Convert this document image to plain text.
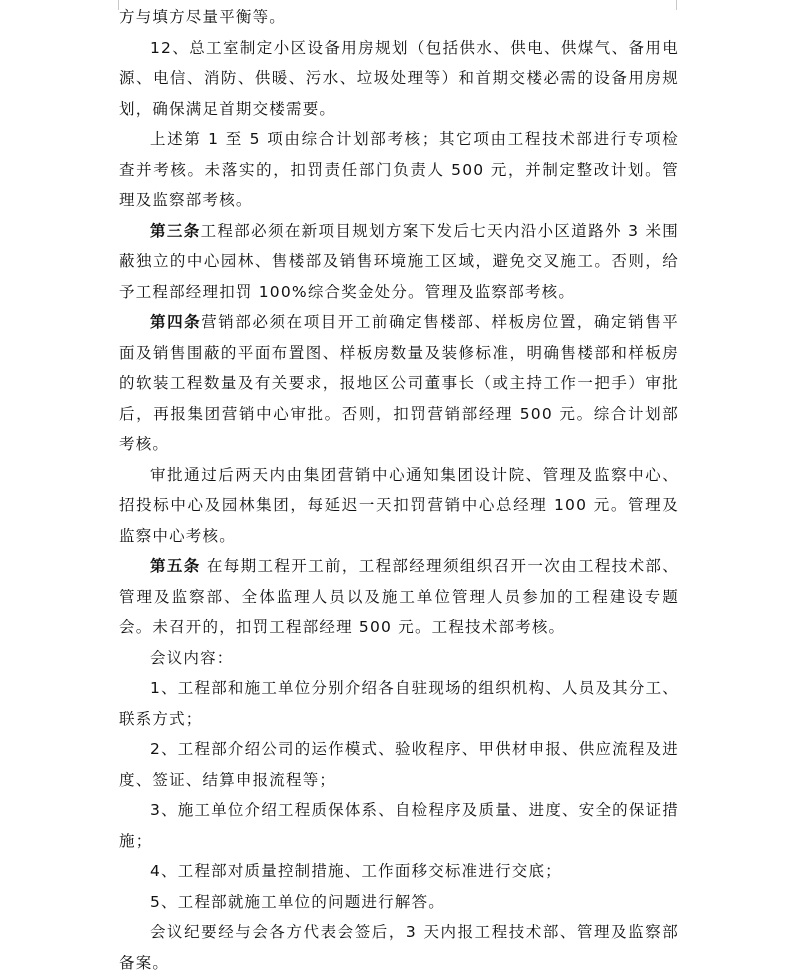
方与填方尽量平衡等。

12、总工室制定小区设备用房规划（包括供水、供电、供煤气、备用电源、电信、消防、供暖、污水、垃圾处理等）和首期交楼必需的设备用房规划，确保满足首期交楼需要。

上述第 1 至 5 项由综合计划部考核；其它项由工程技术部进行专项检查并考核。未落实的，扣罚责任部门负责人 500 元，并制定整改计划。管理及监察部考核。

第三条工程部必须在新项目规划方案下发后七天内沿小区道路外 3 米围蔽独立的中心园林、售楼部及销售环境施工区域，避免交叉施工。否则，给予工程部经理扣罚 100%综合奖金处分。管理及监察部考核。

第四条营销部必须在项目开工前确定售楼部、样板房位置，确定销售平面及销售围蔽的平面布置图、样板房数量及装修标准，明确售楼部和样板房的软装工程数量及有关要求，报地区公司董事长（或主持工作一把手）审批后，再报集团营销中心审批。否则，扣罚营销部经理 500 元。综合计划部考核。

审批通过后两天内由集团营销中心通知集团设计院、管理及监察中心、招投标中心及园林集团，每延迟一天扣罚营销中心总经理 100 元。管理及监察中心考核。

第五条 在每期工程开工前，工程部经理须组织召开一次由工程技术部、管理及监察部、全体监理人员以及施工单位管理人员参加的工程建设专题会。未召开的，扣罚工程部经理 500 元。工程技术部考核。

会议内容：

1、工程部和施工单位分别介绍各自驻现场的组织机构、人员及其分工、联系方式；

2、工程部介绍公司的运作模式、验收程序、甲供材申报、供应流程及进度、签证、结算申报流程等；

3、施工单位介绍工程质保体系、自检程序及质量、进度、安全的保证措施；

4、工程部对质量控制措施、工作面移交标准进行交底；

5、工程部就施工单位的问题进行解答。

会议纪要经与会各方代表会签后，3 天内报工程技术部、管理及监察部备案。
